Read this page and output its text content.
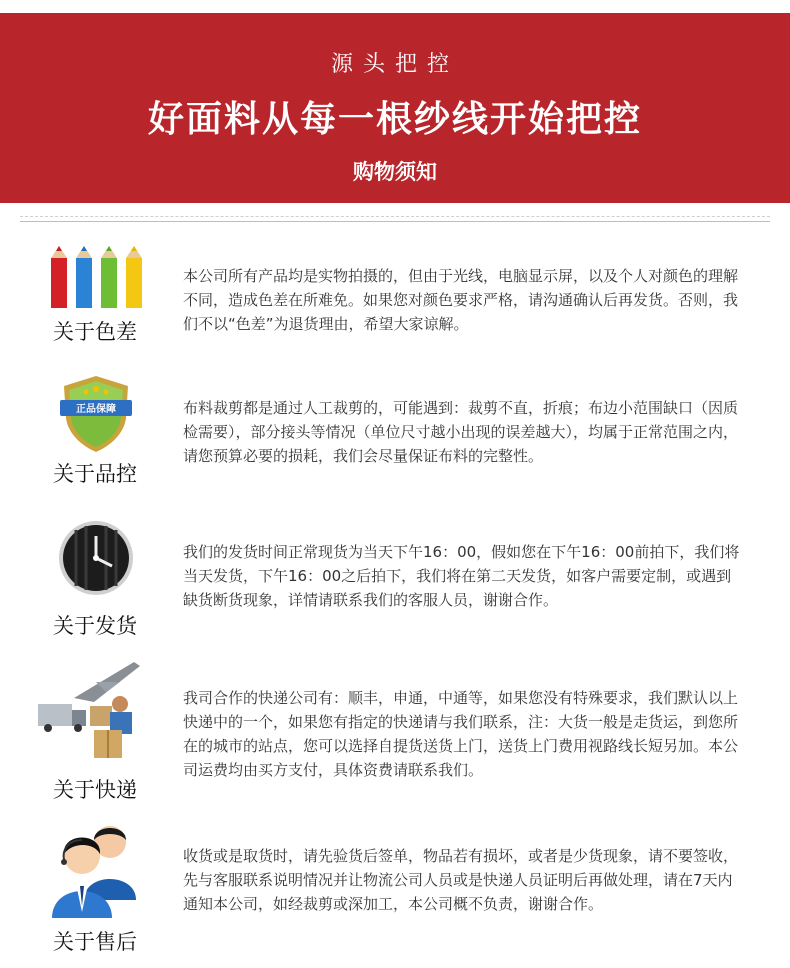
源头把控
好面料从每一根纱线开始把控
购物须知
关于色差
本公司所有产品均是实物拍摄的，但由于光线，电脑显示屏，以及个人对颜色的理解不同，造成色差在所难免。如果您对颜色要求严格，请沟通确认后再发货。否则，我们不以“色差”为退货理由，希望大家谅解。
正品保障
关于品控
布料裁剪都是通过人工裁剪的，可能遇到：裁剪不直，折痕；布边小范围缺口（因质检需要），部分接头等情况（单位尺寸越小出现的误差越大），均属于正常范围之内，请您预算必要的损耗，我们会尽量保证布料的完整性。
关于发货
我们的发货时间正常现货为当天下午16：00，假如您在下午16：00前拍下，我们将当天发货，下午16：00之后拍下，我们将在第二天发货，如客户需要定制，或遇到缺货断货现象，详情请联系我们的客服人员，谢谢合作。
关于快递
我司合作的快递公司有：顺丰，申通，中通等，如果您没有特殊要求，我们默认以上快递中的一个，如果您有指定的快递请与我们联系，注：大货一般是走货运，到您所在的城市的站点，您可以选择自提货送货上门，送货上门费用视路线长短另加。本公司运费均由买方支付，具体资费请联系我们。
关于售后
收货或是取货时，请先验货后签单，物品若有损坏，或者是少货现象，请不要签收，先与客服联系说明情况并让物流公司人员或是快递人员证明后再做处理，请在7天内通知本公司，如经裁剪或深加工，本公司概不负责，谢谢合作。
